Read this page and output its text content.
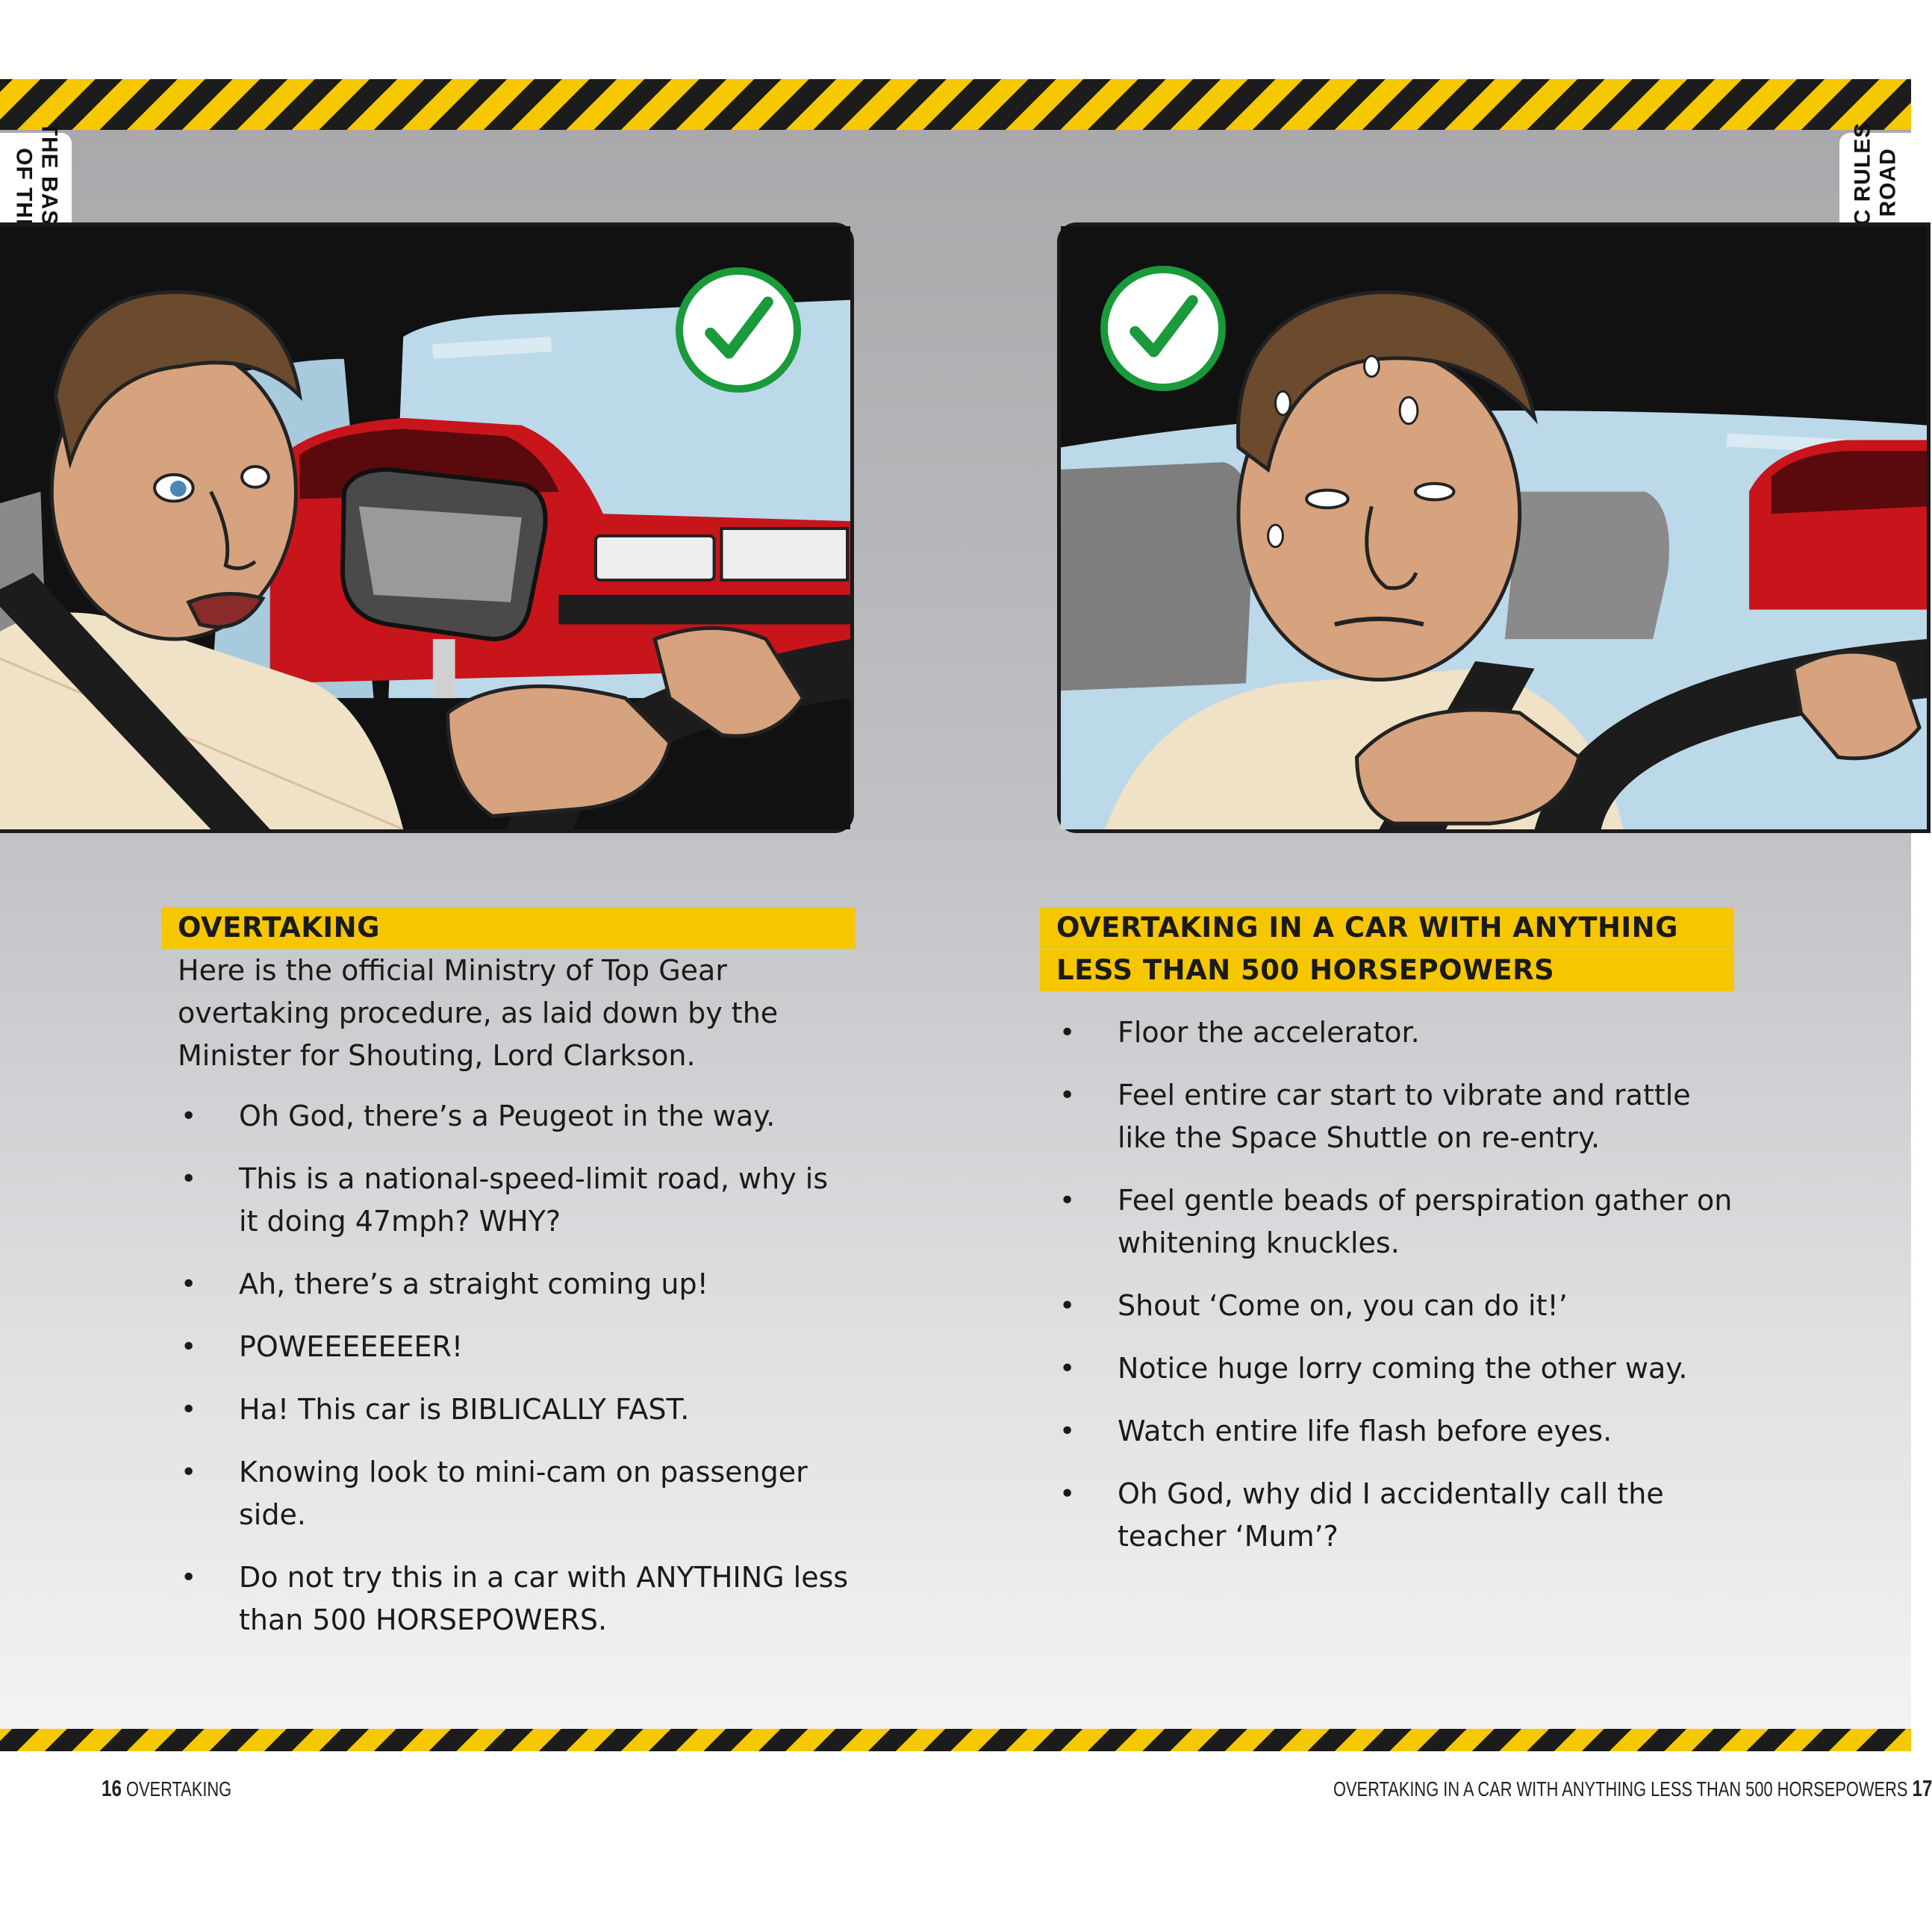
OVERTAKING
Here is the official Ministry of Top Gear overtaking procedure, as laid down by the Minister for Shouting, Lord Clarkson.
• Oh God, there’s a Peugeot in the way.
• This is a national-speed-limit road, why is it doing 47mph? WHY?
• Ah, there’s a straight coming up!
• POWEEEEEEER!
• Ha! This car is BIBLICALLY FAST.
• Knowing look to mini-cam on passenger side.
• Do not try this in a car with ANYTHING less than 500 HORSEPOWERS.
OVERTAKING IN A CAR WITH ANYTHING
LESS THAN 500 HORSEPOWERS
• Floor the accelerator.
• Feel entire car start to vibrate and rattle like the Space Shuttle on re-entry.
• Feel gentle beads of perspiration gather on whitening knuckles.
• Shout ‘Come on, you can do it!’
• Notice huge lorry coming the other way.
• Watch entire life flash before eyes.
• Oh God, why did I accidentally call the teacher ‘Mum’?
16 OVERTAKING	OVERTAKING IN A CAR WITH ANYTHING LESS THAN 500 HORSEPOWERS 17
